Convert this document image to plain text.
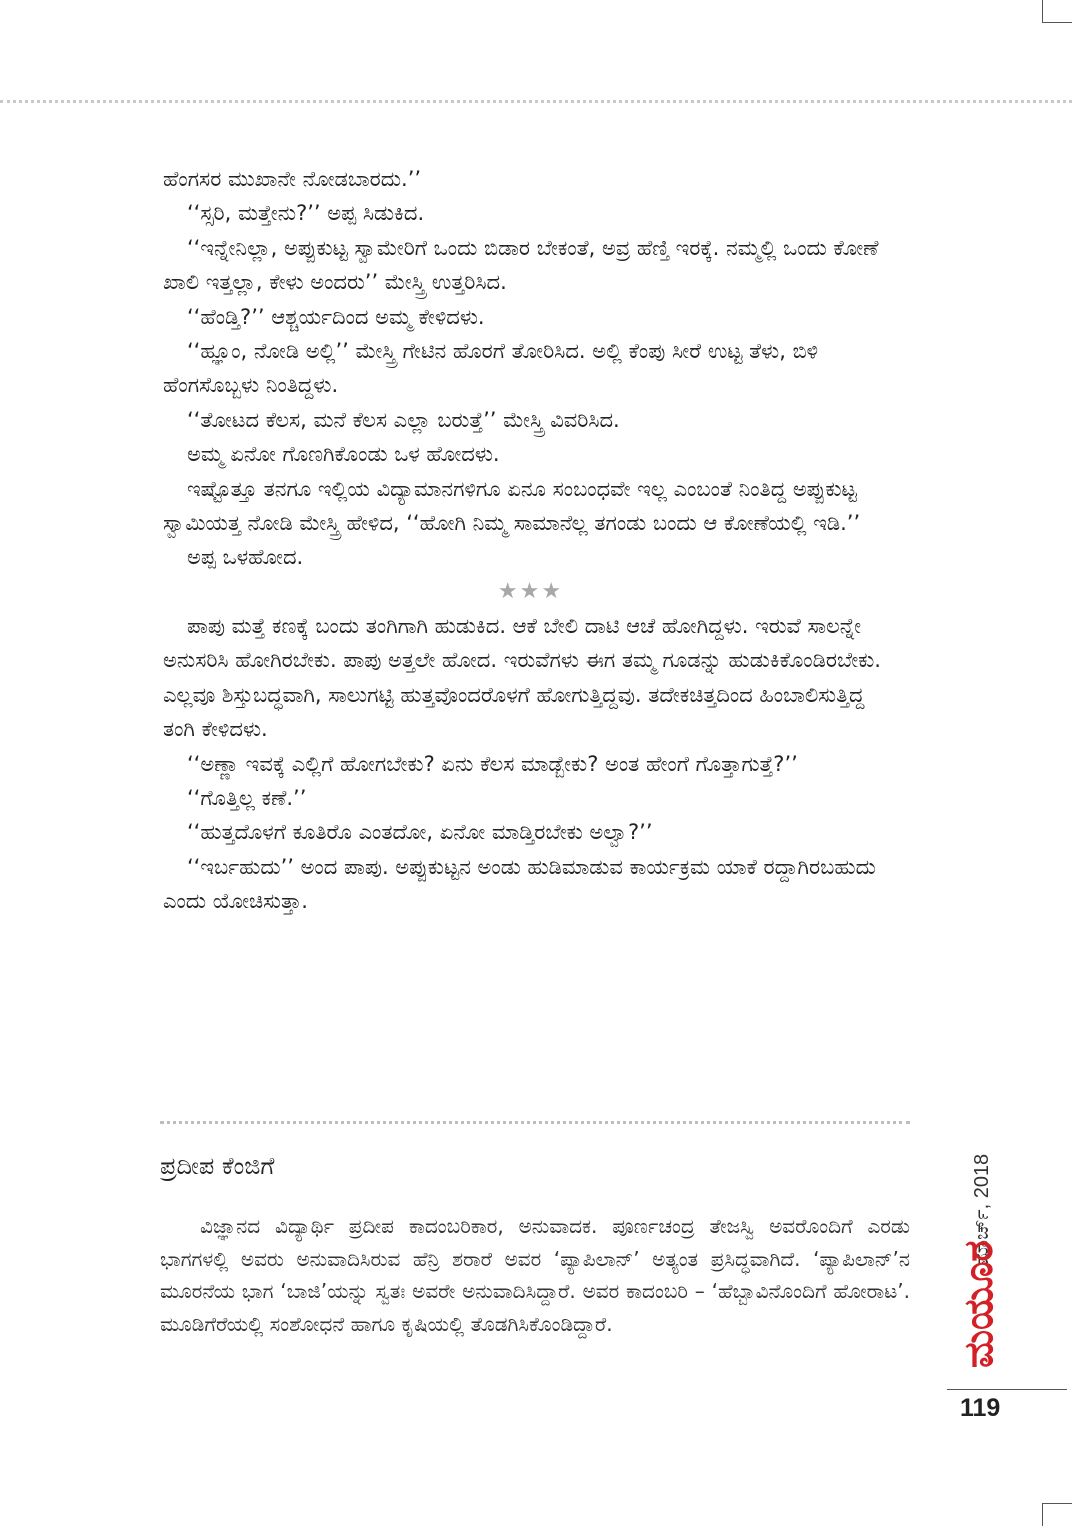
ಹೆಂಗಸರ ಮುಖಾನೇ ನೋಡಬಾರದು.’’

‘‘ಸ್ಸರಿ, ಮತ್ತೇನು?’’ ಅಪ್ಪ ಸಿಡುಕಿದ.

‘‘ಇನ್ನೇನಿಲ್ಲಾ, ಅಪ್ಪುಕುಟ್ಟ ಸ್ವಾಮೇರಿಗೆ ಒಂದು ಬಿಡಾರ ಬೇಕಂತೆ, ಅವ್ರ ಹೆಣ್ತಿ ಇರಕ್ಕೆ. ನಮ್ಮಲ್ಲಿ ಒಂದು ಕೋಣೆ ಖಾಲಿ ಇತ್ತಲ್ಲಾ, ಕೇಳು ಅಂದರು’’ ಮೇಸ್ತ್ರಿ ಉತ್ತರಿಸಿದ.

‘‘ಹೆಂಡ್ತಿ?’’ ಆಶ್ಚರ್ಯದಿಂದ ಅಮ್ಮ ಕೇಳಿದಳು.

‘‘ಹ್ಞೂಂ, ನೋಡಿ ಅಲ್ಲಿ’’ ಮೇಸ್ತ್ರಿ ಗೇಟಿನ ಹೊರಗೆ ತೋರಿಸಿದ. ಅಲ್ಲಿ ಕೆಂಪು ಸೀರೆ ಉಟ್ಟ ತೆಳು, ಬಿಳಿ ಹೆಂಗಸೊಬ್ಬಳು ನಿಂತಿದ್ದಳು.

‘‘ತೋಟದ ಕೆಲಸ, ಮನೆ ಕೆಲಸ ಎಲ್ಲಾ ಬರುತ್ತೆ’’ ಮೇಸ್ತ್ರಿ ವಿವರಿಸಿದ.

ಅಮ್ಮ ಏನೋ ಗೊಣಗಿಕೊಂಡು ಒಳ ಹೋದಳು.

ಇಷ್ಟೊತ್ತೂ ತನಗೂ ಇಲ್ಲಿಯ ವಿದ್ಯಾಮಾನಗಳಿಗೂ ಏನೂ ಸಂಬಂಧವೇ ಇಲ್ಲ ಎಂಬಂತೆ ನಿಂತಿದ್ದ ಅಪ್ಪುಕುಟ್ಟ ಸ್ವಾಮಿಯತ್ತ ನೋಡಿ ಮೇಸ್ತ್ರಿ ಹೇಳಿದ, ‘‘ಹೋಗಿ ನಿಮ್ಮ ಸಾಮಾನೆಲ್ಲ ತಗಂಡು ಬಂದು ಆ ಕೋಣೆಯಲ್ಲಿ ಇಡಿ.’’

ಅಪ್ಪ ಒಳಹೋದ.

★★★

ಪಾಪು ಮತ್ತೆ ಕಣಕ್ಕೆ ಬಂದು ತಂಗಿಗಾಗಿ ಹುಡುಕಿದ. ಆಕೆ ಬೇಲಿ ದಾಟಿ ಆಚೆ ಹೋಗಿದ್ದಳು. ಇರುವೆ ಸಾಲನ್ನೇ ಅನುಸರಿಸಿ ಹೋಗಿರಬೇಕು. ಪಾಪು ಅತ್ತಲೇ ಹೋದ. ಇರುವೆಗಳು ಈಗ ತಮ್ಮ ಗೂಡನ್ನು ಹುಡುಕಿಕೊಂಡಿರಬೇಕು. ಎಲ್ಲವೂ ಶಿಸ್ತುಬದ್ಧವಾಗಿ, ಸಾಲುಗಟ್ಟಿ ಹುತ್ತವೊಂದರೊಳಗೆ ಹೋಗುತ್ತಿದ್ದವು. ತದೇಕಚಿತ್ತದಿಂದ ಹಿಂಬಾಲಿಸುತ್ತಿದ್ದ ತಂಗಿ ಕೇಳಿದಳು.

‘‘ಅಣ್ಣಾ ಇವಕ್ಕೆ ಎಲ್ಲಿಗೆ ಹೋಗಬೇಕು? ಏನು ಕೆಲಸ ಮಾಡ್ಬೇಕು? ಅಂತ ಹೇಂಗೆ ಗೊತ್ತಾಗುತ್ತೆ?’’

‘‘ಗೊತ್ತಿಲ್ಲ ಕಣೆ.’’

‘‘ಹುತ್ತದೊಳಗೆ ಕೂತಿರೊ ಎಂತದೋ, ಏನೋ ಮಾಡ್ತಿರಬೇಕು ಅಲ್ವಾ?’’

‘‘ಇರ್ಬಹುದು’’ ಅಂದ ಪಾಪು. ಅಪ್ಪುಕುಟ್ಟನ ಅಂಡು ಹುಡಿಮಾಡುವ ಕಾರ್ಯಕ್ರಮ ಯಾಕೆ ರದ್ದಾಗಿರಬಹುದು ಎಂದು ಯೋಚಿಸುತ್ತಾ.

ಪ್ರದೀಪ ಕೆಂಜಿಗೆ

ವಿಜ್ಞಾನದ ವಿದ್ಯಾರ್ಥಿ ಪ್ರದೀಪ ಕಾದಂಬರಿಕಾರ, ಅನುವಾದಕ. ಪೂರ್ಣಚಂದ್ರ ತೇಜಸ್ವಿ ಅವರೊಂದಿಗೆ ಎರಡು ಭಾಗಗಳಲ್ಲಿ ಅವರು ಅನುವಾದಿಸಿರುವ ಹೆನ್ರಿ ಶರಾರೆ ಅವರ ‘ಪ್ಯಾಪಿಲಾನ್’ ಅತ್ಯಂತ ಪ್ರಸಿದ್ಧವಾಗಿದೆ. ‘ಪ್ಯಾಪಿಲಾನ್’ನ ಮೂರನೆಯ ಭಾಗ ‘ಬಾಜಿ’ಯನ್ನು ಸ್ವತಃ ಅವರೇ ಅನುವಾದಿಸಿದ್ದಾರೆ. ಅವರ ಕಾದಂಬರಿ – ‘ಹೆಬ್ಬಾವಿನೊಂದಿಗೆ ಹೋರಾಟ’. ಮೂಡಿಗೆರೆಯಲ್ಲಿ ಸಂಶೋಧನೆ ಹಾಗೂ ಕೃಷಿಯಲ್ಲಿ ತೊಡಗಿಸಿಕೊಂಡಿದ್ದಾರೆ.

ಮಾರ್ಚ್, 2018
ಮಯೂರ
119
